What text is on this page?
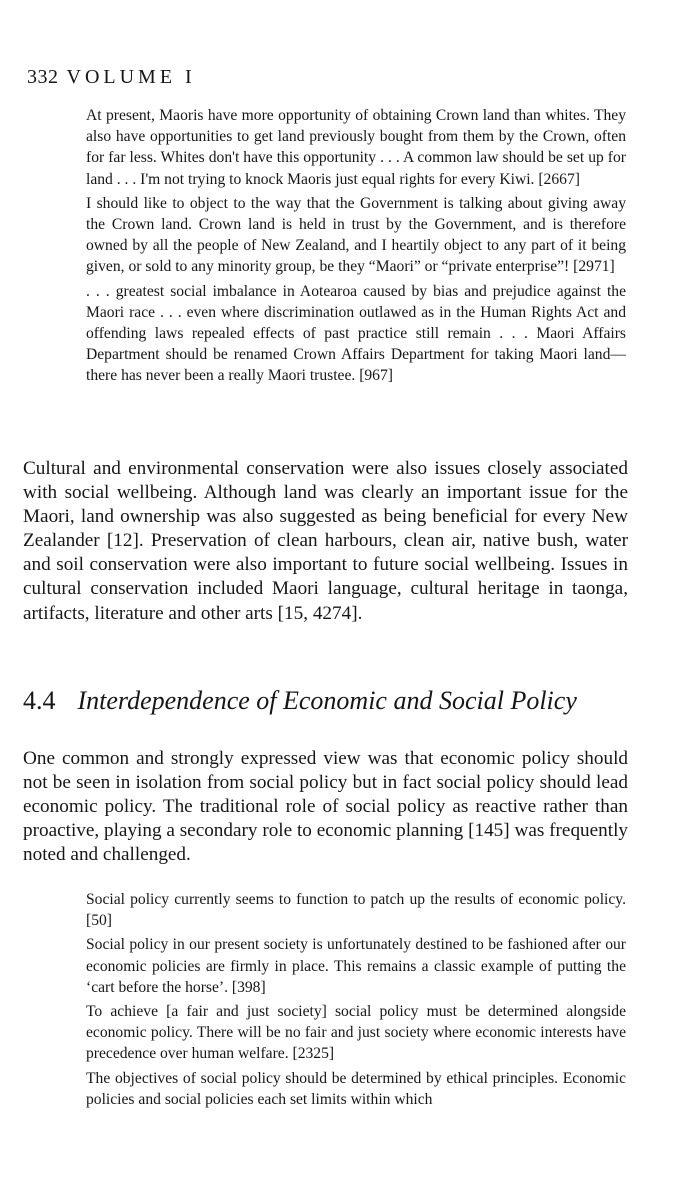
332 VOLUME I

At present, Maoris have more opportunity of obtaining Crown land than whites. They also have opportunities to get land previously bought from them by the Crown, often for far less. Whites don't have this opportunity . . . A common law should be set up for land . . . I'm not trying to knock Maoris just equal rights for every Kiwi. [2667]

I should like to object to the way that the Government is talking about giving away the Crown land. Crown land is held in trust by the Government, and is therefore owned by all the people of New Zealand, and I heartily object to any part of it being given, or sold to any minority group, be they “Maori” or “private enterprise”! [2971]

. . . greatest social imbalance in Aotearoa caused by bias and prejudice against the Maori race . . . even where discrimination outlawed as in the Human Rights Act and offending laws repealed effects of past practice still remain . . . Maori Affairs Department should be renamed Crown Affairs Department for taking Maori land—there has never been a really Maori trustee. [967]

Cultural and environmental conservation were also issues closely associated with social wellbeing. Although land was clearly an important issue for the Maori, land ownership was also suggested as being beneficial for every New Zealander [12]. Preservation of clean harbours, clean air, native bush, water and soil conservation were also important to future social wellbeing. Issues in cultural conservation included Maori language, cultural heritage in taonga, artifacts, literature and other arts [15, 4274].

4.4 Interdependence of Economic and Social Policy

One common and strongly expressed view was that economic policy should not be seen in isolation from social policy but in fact social policy should lead economic policy. The traditional role of social policy as reactive rather than proactive, playing a secondary role to economic planning [145] was frequently noted and challenged.

Social policy currently seems to function to patch up the results of economic policy. [50]

Social policy in our present society is unfortunately destined to be fashioned after our economic policies are firmly in place. This remains a classic example of putting the ‘cart before the horse’. [398]

To achieve [a fair and just society] social policy must be determined alongside economic policy. There will be no fair and just society where economic interests have precedence over human welfare. [2325]

The objectives of social policy should be determined by ethical principles. Economic policies and social policies each set limits within which
